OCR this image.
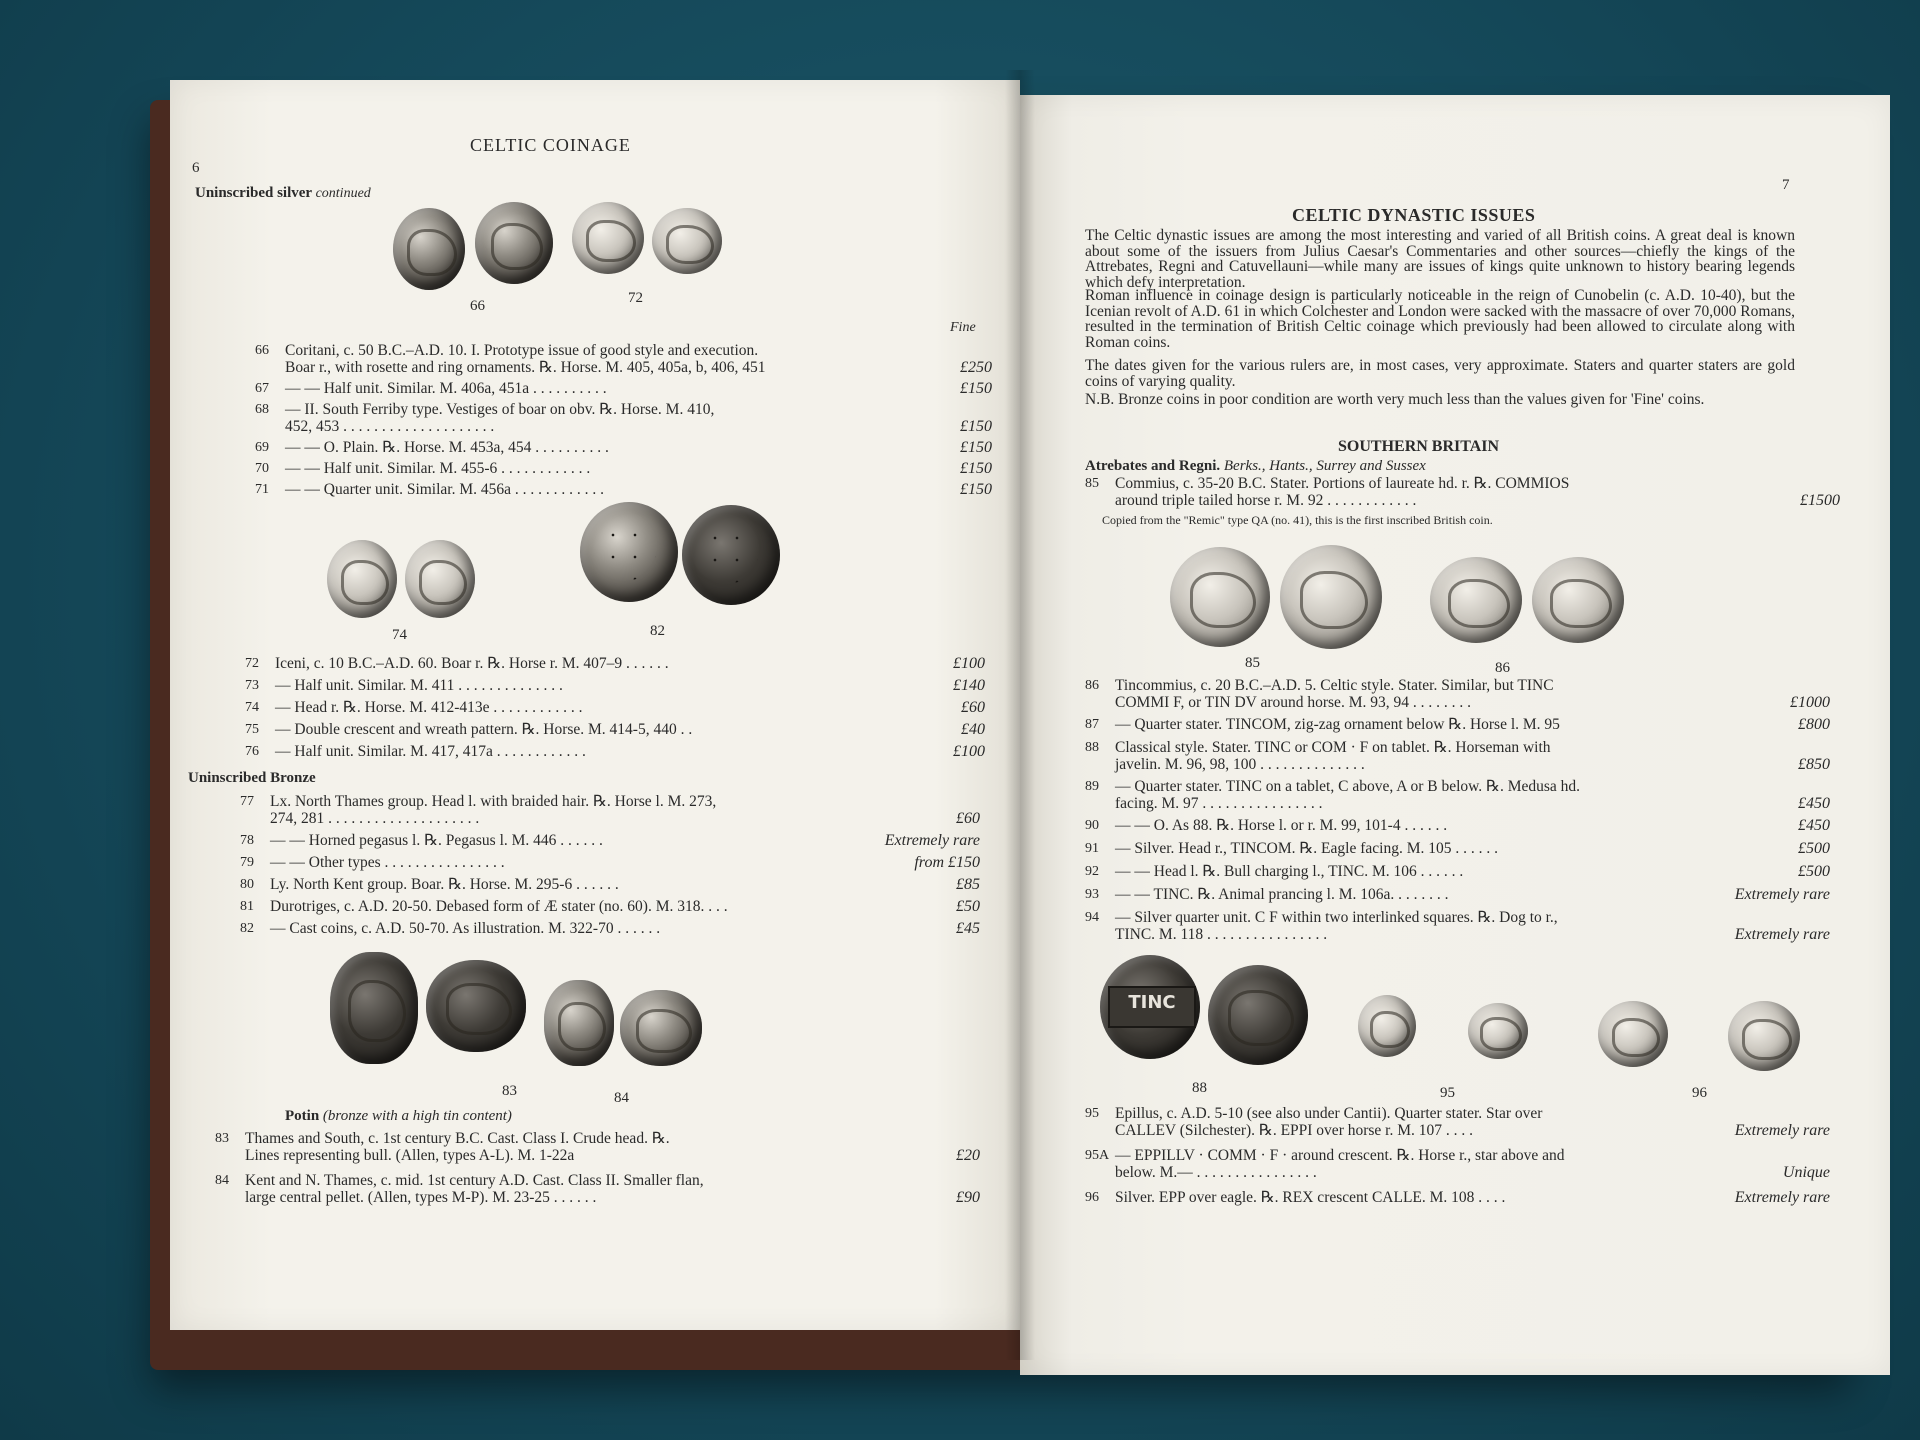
6
CELTIC COINAGE
Uninscribed silver continued
66	72
Fine
66 Coritani, c. 50 B.C.–A.D. 10. I. Prototype issue of good style and execution.
Boar r., with rosette and ring ornaments. ℞. Horse. M. 405, 405a, b, 406, 451	£250
67 — — Half unit. Similar. M. 406a, 451a . . . . . . . . . .	£150
68 — II. South Ferriby type. Vestiges of boar on obv. ℞. Horse. M. 410,
452, 453 . . . . . . . . . . . . . . . . . . . .	£150
69 — — O. Plain. ℞. Horse. M. 453a, 454 . . . . . . . . . .	£150
70 — — Half unit. Similar. M. 455-6 . . . . . . . . . . . .	£150
71 — — Quarter unit. Similar. M. 456a . . . . . . . . . . . .	£150
74	82
72 Iceni, c. 10 B.C.–A.D. 60. Boar r. ℞. Horse r. M. 407–9 . . . . . .	£100
73 — Half unit. Similar. M. 411 . . . . . . . . . . . . . .	£140
74 — Head r. ℞. Horse. M. 412-413e . . . . . . . . . . . .	£60
75 — Double crescent and wreath pattern. ℞. Horse. M. 414-5, 440 . .	£40
76 — Half unit. Similar. M. 417, 417a . . . . . . . . . . . .	£100
Uninscribed Bronze
77 Lx. North Thames group. Head l. with braided hair. ℞. Horse l. M. 273,
274, 281 . . . . . . . . . . . . . . . . . . . .	£60
78 — — Horned pegasus l. ℞. Pegasus l. M. 446 . . . . . .	Extremely rare
79 — — Other types . . . . . . . . . . . . . . . .	from £150
80 Ly. North Kent group. Boar. ℞. Horse. M. 295-6 . . . . . .	£85
81 Durotriges, c. A.D. 20-50. Debased form of Æ stater (no. 60). M. 318. . . .	£50
82 — Cast coins, c. A.D. 50-70. As illustration. M. 322-70 . . . . . .	£45
83	84
Potin (bronze with a high tin content)
83 Thames and South, c. 1st century B.C. Cast. Class I. Crude head. ℞.
Lines representing bull. (Allen, types A-L). M. 1-22a	£20
84 Kent and N. Thames, c. mid. 1st century A.D. Cast. Class II. Smaller flan,
large central pellet. (Allen, types M-P). M. 23-25 . . . . . .	£90
7
CELTIC DYNASTIC ISSUES
The Celtic dynastic issues are among the most interesting and varied of all British coins. A great deal is known about some of the issuers from Julius Caesar's Commentaries and other sources—chiefly the kings of the Attrebates, Regni and Catuvellauni—while many are issues of kings quite unknown to history bearing legends which defy interpretation.
Roman influence in coinage design is particularly noticeable in the reign of Cunobelin (c. A.D. 10-40), but the Icenian revolt of A.D. 61 in which Colchester and London were sacked with the massacre of over 70,000 Romans, resulted in the termination of British Celtic coinage which previously had been allowed to circulate along with Roman coins.
The dates given for the various rulers are, in most cases, very approximate. Staters and quarter staters are gold coins of varying quality.
N.B. Bronze coins in poor condition are worth very much less than the values given for 'Fine' coins.
SOUTHERN BRITAIN
Atrebates and Regni. Berks., Hants., Surrey and Sussex
85 Commius, c. 35-20 B.C. Stater. Portions of laureate hd. r. ℞. COMMIOS
around triple tailed horse r. M. 92 . . . . . . . . . . . .	£1500
Copied from the "Remic" type QA (no. 41), this is the first inscribed British coin.
85	86
86 Tincommius, c. 20 B.C.–A.D. 5. Celtic style. Stater. Similar, but TINC
COMMI F, or TIN DV around horse. M. 93, 94 . . . . . . . .	£1000
87 — Quarter stater. TINCOM, zig-zag ornament below ℞. Horse l. M. 95	£800
88 Classical style. Stater. TINC or COM · F on tablet. ℞. Horseman with
javelin. M. 96, 98, 100 . . . . . . . . . . . . . .	£850
89 — Quarter stater. TINC on a tablet, C above, A or B below. ℞. Medusa hd.
facing. M. 97 . . . . . . . . . . . . . . . .	£450
90 — — O. As 88. ℞. Horse l. or r. M. 99, 101-4 . . . . . .	£450
91 — Silver. Head r., TINCOM. ℞. Eagle facing. M. 105 . . . . . .	£500
92 — — Head l. ℞. Bull charging l., TINC. M. 106 . . . . . .	£500
93 — — TINC. ℞. Animal prancing l. M. 106a. . . . . . . .	Extremely rare
94 — Silver quarter unit. C F within two interlinked squares. ℞. Dog to r.,
TINC. M. 118 . . . . . . . . . . . . . . . .	Extremely rare
TINC
88	95	96
95 Epillus, c. A.D. 5-10 (see also under Cantii). Quarter stater. Star over
CALLEV (Silchester). ℞. EPPI over horse r. M. 107 . . . .	Extremely rare
95A — EPPILLV · COMM · F · around crescent. ℞. Horse r., star above and
below. M.— . . . . . . . . . . . . . . . .	Unique
96 Silver. EPP over eagle. ℞. REX crescent CALLE. M. 108 . . . .	Extremely rare
